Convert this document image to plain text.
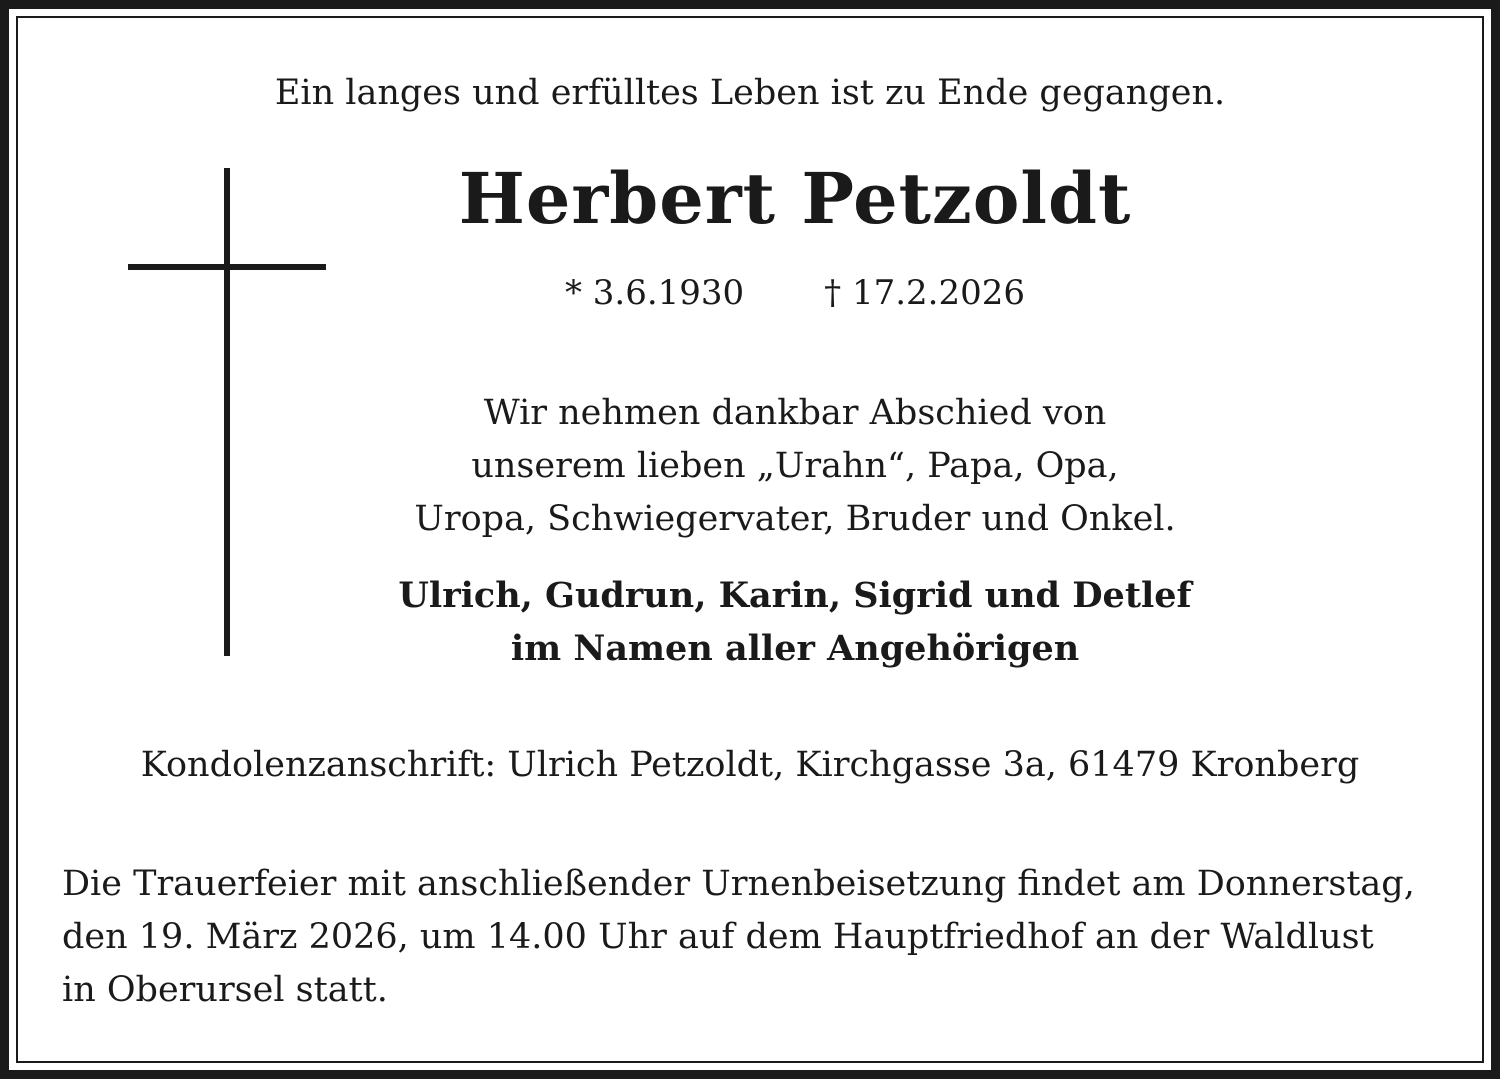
Ein langes und erfülltes Leben ist zu Ende gegangen.
Herbert Petzoldt
* 3.6.1930 † 17.2.2026
Wir nehmen dankbar Abschied von
unserem lieben „Urahn“, Papa, Opa,
Uropa, Schwiegervater, Bruder und Onkel.
Ulrich, Gudrun, Karin, Sigrid und Detlef
im Namen aller Angehörigen
Kondolenzanschrift: Ulrich Petzoldt, Kirchgasse 3a, 61479 Kronberg
Die Trauerfeier mit anschließender Urnenbeisetzung findet am Donnerstag,
den 19. März 2026, um 14.00 Uhr auf dem Hauptfriedhof an der Waldlust
in Oberursel statt.
